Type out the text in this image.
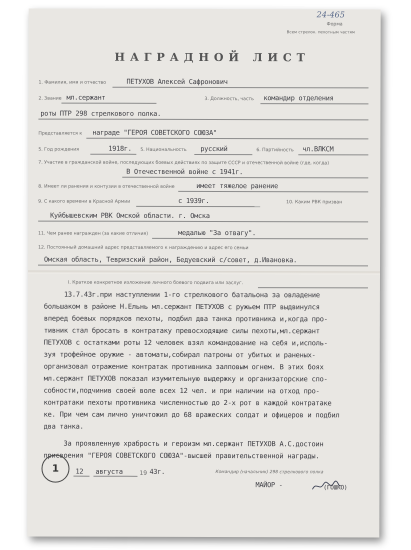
24-465
Форма
Всем стрелок. пехотным частям
НАГРАДНОЙ ЛИСТ
1. Фамилия, имя и отчество	ПЕТУХОВ Алексей Сафронович
2. Звание мл.сержант	3. Должность, часть командир отделения
роты ПТР 298 стрелкового полка.
Представляется к награде "ГЕРОЯ СОВЕТСКОГО СОЮЗА"
5. Год рождения	1918г. 5. Национальность русский	6. Партийность чл.ВЛКСМ
7. Участие в гражданской войне, последующих боевых действиях по защите СССР и отечественной войне (где, когда)
В Отечественной войне с 1941г.
8. Имеет ли ранения и контузии в отечественной войне	имеет тяжелое ранение
9. С какого времени в Красной Армии	с 1939г.	10. Каким РВК призван
Куйбышевским РВК Омской области. г. Омска
11. Чем ранее награжден (за какие отличия)	медалью "За отвагу".
12. Постоянный домашний адрес представляемого к награждению и адрес его семьи
Омская область, Тевризский район, Бедуевский с/совет, д.Ивановка.
I. Краткое конкретное изложение личного боевого подвига или заслуг.
13.7.43г.при наступлении 1-го стрелкового батальона за овладение
большаком в районе Н.Ельнь мл.сержант ПЕТУХОВ с ружьем ПТР выдвинулся
вперед боевых порядков пехоты, подбил два танка противника и,когда про-
тивник стал бросать в контратаку превосходящие силы пехоты,мл.сержант
ПЕТУХОВ с остатками роты 12 человек взял командование на себя и,исполь-
зуя трофейное оружие - автоматы,собирал патроны от убитых и раненых-
организовал отражение контратак противника залповым огнем. В этих боях
мл.сержант ПЕТУХОВ показал изумительную выдержку и организаторские спо-
собности,подчинив своей воле всех 12 чел. и при наличии на отход про-
контратаки пехоты противника численностью до 2-х рот в каждой контратаке
ке. При чем сам лично уничтожил до 68 вражеских солдат и офицеров и подбил
два танка.
За проявленную храбрость и героизм мл.сержант ПЕТУХОВ А.С.достоин
присвоения "ГЕРОЯ СОВЕТСКОГО СОЮЗА"-высшей правительственной награды.
1 12 августа	19 43г.	Командир (начальник) 298 стрелкового полка
МАЙОР -	(ГОШКО)
